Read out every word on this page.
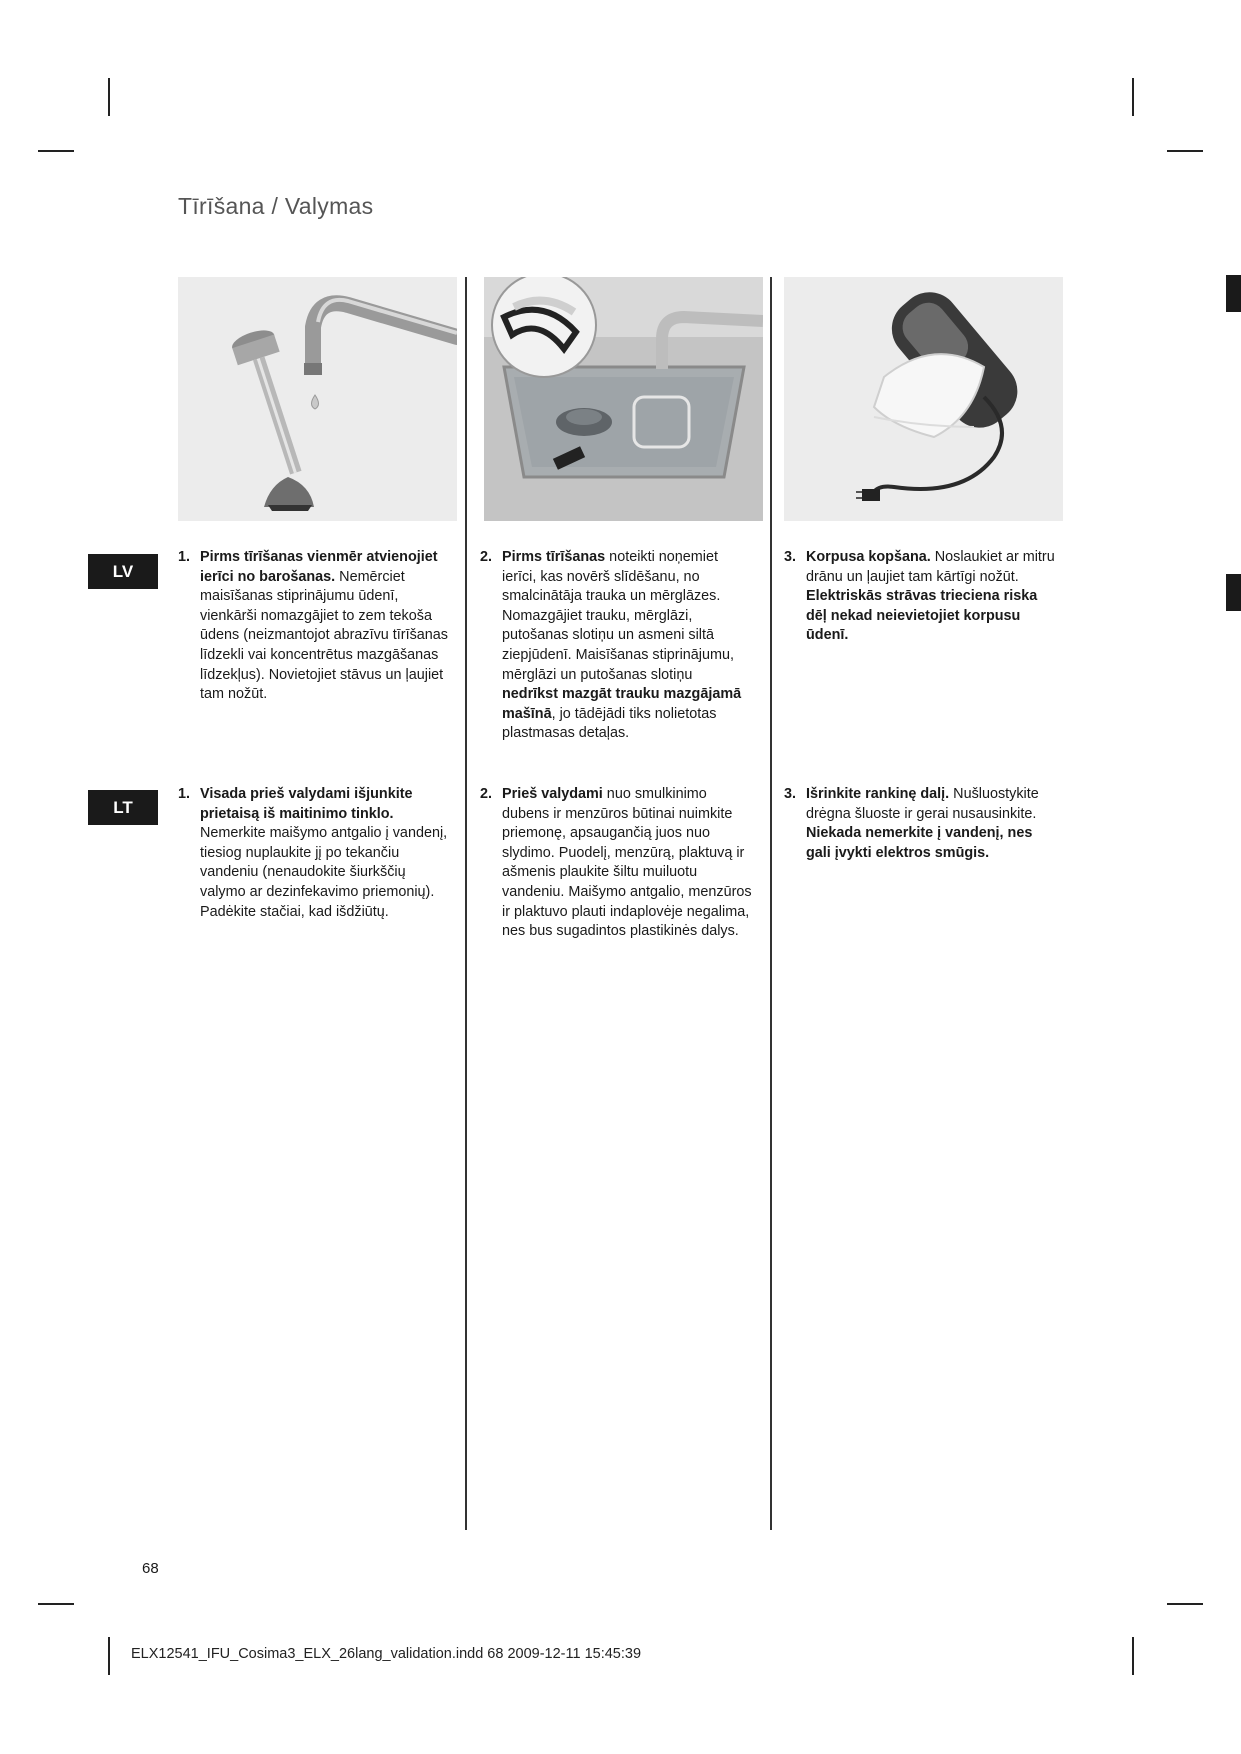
Tīrīšana / Valymas
LV
1. Pirms tīrīšanas vienmēr atvienojiet ierīci no barošanas. Nemērciet maisīšanas stiprinājumu ūdenī, vienkārši nomazgājiet to zem tekoša ūdens (neizmantojot abrazīvu tīrīšanas līdzekli vai koncentrētus mazgāšanas līdzekļus). Novietojiet stāvus un ļaujiet tam nožūt.
2. Pirms tīrīšanas noteikti noņemiet ierīci, kas novērš slīdēšanu, no smalcinātāja trauka un mērglāzes. Nomazgājiet trauku, mērglāzi, putošanas slotiņu un asmeni siltā ziepjūdenī. Maisīšanas stiprinājumu, mērglāzi un putošanas slotiņu nedrīkst mazgāt trauku mazgājamā mašīnā, jo tādējādi tiks nolietotas plastmasas detaļas.
3. Korpusa kopšana. Noslaukiet ar mitru drānu un ļaujiet tam kārtīgi nožūt. Elektriskās strāvas trieciena riska dēļ nekad neievietojiet korpusu ūdenī.
LT
1. Visada prieš valydami išjunkite prietaisą iš maitinimo tinklo. Nemerkite maišymo antgalio į vandenį, tiesiog nuplaukite jį po tekančiu vandeniu (nenaudokite šiurkščių valymo ar dezinfekavimo priemonių). Padėkite stačiai, kad išdžiūtų.
2. Prieš valydami nuo smulkinimo dubens ir menzūros būtinai nuimkite priemonę, apsaugančią juos nuo slydimo. Puodelį, menzūrą, plaktuvą ir ašmenis plaukite šiltu muiluotu vandeniu. Maišymo antgalio, menzūros ir plaktuvo plauti indaplovėje negalima, nes bus sugadintos plastikinės dalys.
3. Išrinkite rankinę dalį. Nušluostykite drėgna šluoste ir gerai nusausinkite. Niekada nemerkite į vandenį, nes gali įvykti elektros smūgis.
68
ELX12541_IFU_Cosima3_ELX_26lang_validation.indd 68 2009-12-11 15:45:39
